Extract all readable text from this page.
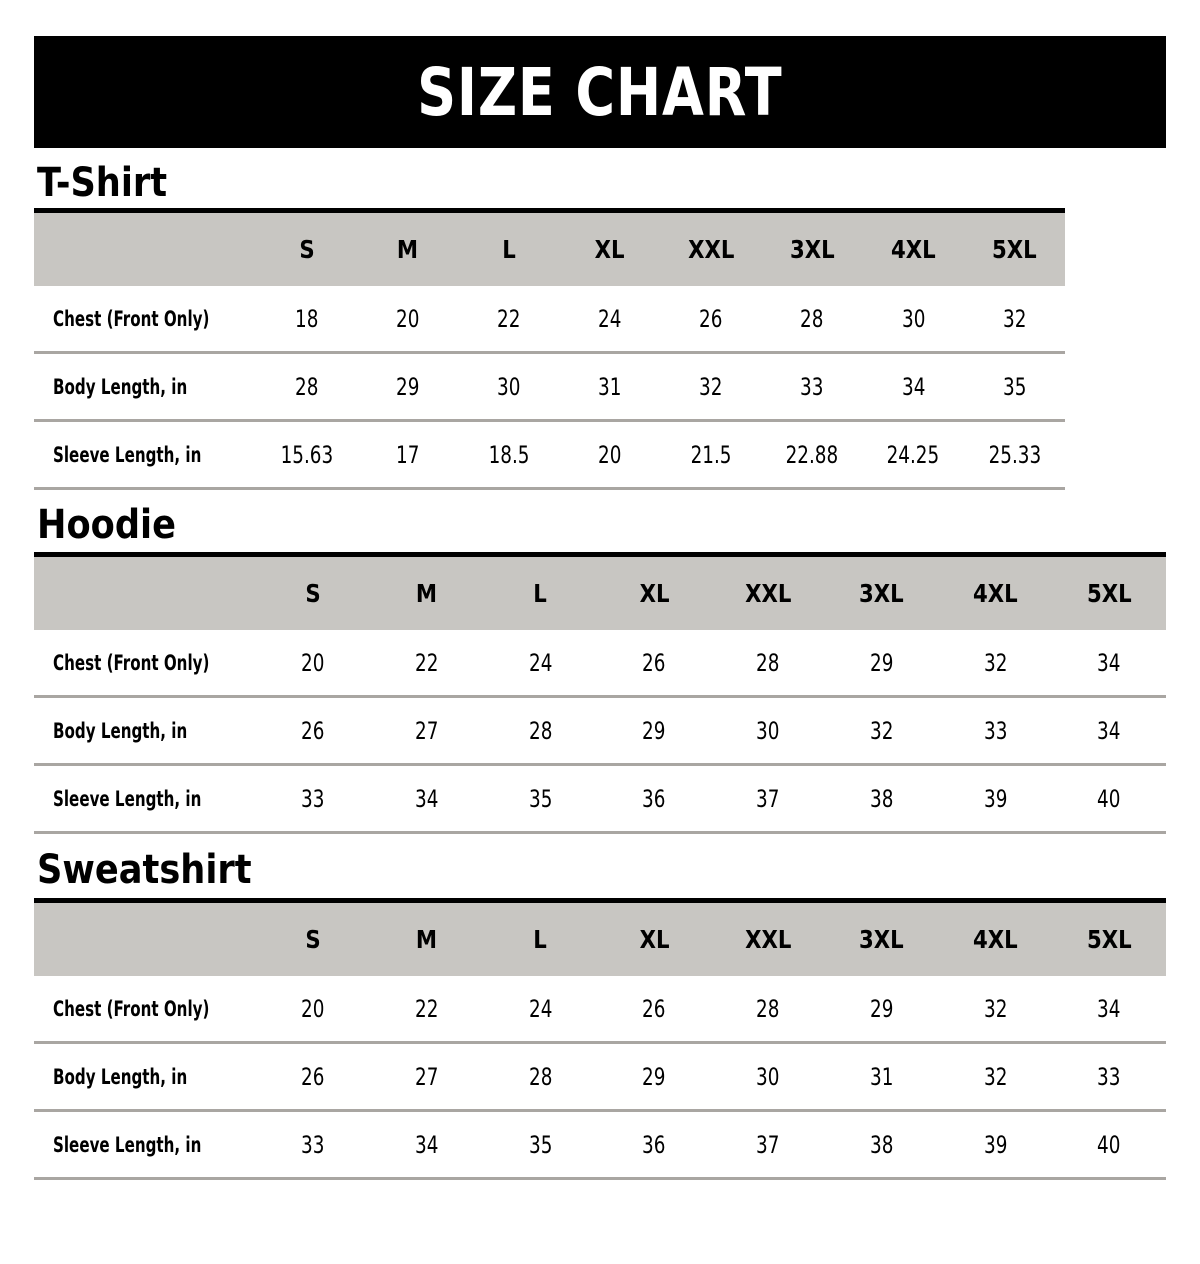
SIZE CHART
T-Shirt
	S	M	L	XL	XXL	3XL	4XL	5XL
Chest (Front Only)	18	20	22	24	26	28	30	32
Body Length, in	28	29	30	31	32	33	34	35
Sleeve Length, in	15.63	17	18.5	20	21.5	22.88	24.25	25.33
Hoodie
	S	M	L	XL	XXL	3XL	4XL	5XL
Chest (Front Only)	20	22	24	26	28	29	32	34
Body Length, in	26	27	28	29	30	32	33	34
Sleeve Length, in	33	34	35	36	37	38	39	40
Sweatshirt
	S	M	L	XL	XXL	3XL	4XL	5XL
Chest (Front Only)	20	22	24	26	28	29	32	34
Body Length, in	26	27	28	29	30	31	32	33
Sleeve Length, in	33	34	35	36	37	38	39	40
